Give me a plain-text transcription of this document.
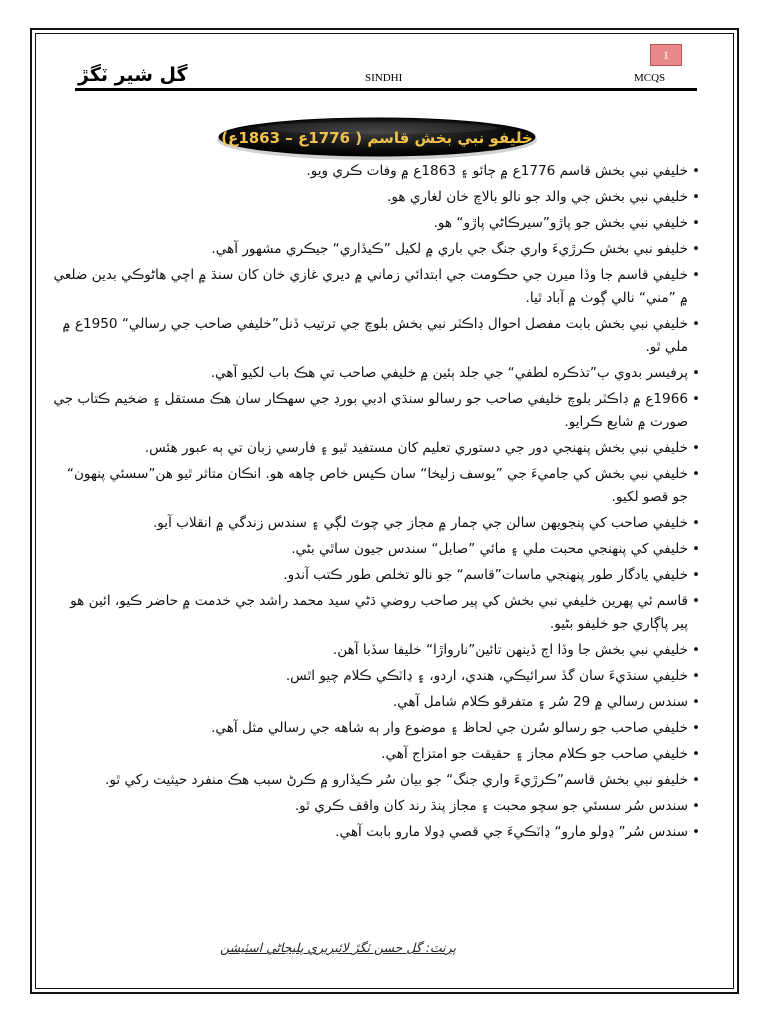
1
گل شير ٽگڙ	SINDHI	MCQS
خليفو نبي بخش قاسم ( 1776ع – 1863ع)
• خليفي نبي بخش قاسم 1776ع ۾ ڄائو ۽ 1863ع ۾ وفات ڪري ويو.
• خليفي نبي بخش جي والد جو نالو بالاچ خان لغاري هو.
• خليفي نبي بخش جو پاڙو”سيرڪاڻي پاڙو“ هو.
• خليفو نبي بخش ڪرڙيءَ واري جنگ جي باري ۾ لکيل ”ڪيڏاري“ جيڪري مشهور آهي.
• خليفي قاسم جا وڏا ميرن جي حڪومت جي ابتدائي زماني ۾ ديري غازي خان کان سنڌ ۾ اچي هاڻوڪي بدين ضلعي ۾ ”مني“ نالي ڳوٺ ۾ آباد ٿيا.
• خليفي نبي بخش بابت مفصل احوال ڊاڪٽر نبي بخش بلوچ جي ترتيب ڏنل”خليفي صاحب جي رسالي“ 1950ع ۾ ملي ٿو.
• پرفيسر بدوي ٻ”تذڪره لطفي“ جي جلد ٻئين ۾ خليفي صاحب تي هڪ باب لکيو آهي.
• 1966ع ۾ ڊاڪٽر بلوچ خليفي صاحب جو رسالو سنڌي ادبي بورڊ جي سهڪار سان هڪ مستقل ۽ ضخيم ڪتاب جي صورت ۾ شايع ڪرايو.
• خليفي نبي بخش پنهنجي دور جي دستوري تعليم کان مستفيد ٿيو ۽ فارسي زبان تي ٻه عبور هئس.
• خليفي نبي بخش کي جاميءَ جي ”يوسف زليخا“ سان ڪيس خاص چاهه هو. انڪان متاثر ٿيو هن”سسئي پنهون“ جو قصو لکيو.
• خليفي صاحب کي پنجويهن سالن جي ڄمار ۾ مجاز جي چوٽ لڳي ۽ سندس زندگي ۾ انقلاب آيو.
• خليفي کي پنهنجي محبت ملي ۽ مائي ”صابل“ سندس جيون ساٿي بڻي.
• خليفي يادگار طور پنهنجي ماسات”قاسم“ جو نالو تخلص طور ڪتب آندو.
• قاسم ئي پهرين خليفي نبي بخش کي پير صاحب روضي ڌڻي سيد محمد راشد جي خدمت ۾ حاضر ڪيو، ائين هو پير پاڳاري جو خليفو بڻيو.
• خليفي نبي بخش جا وڏا اڄ ڏينهن تائين”نارواڙا“ خليفا سڏبا آهن.
• خليفي سنڌيءَ سان گڏ سرائيڪي، هندي، اردو، ۽ ڍاٽڪي ڪلام چيو اٿس.
• سندس رسالي ۾ 29 سُر ۽ متفرقو ڪلام شامل آهي.
• خليفي صاحب جو رسالو سُرن جي لحاظ ۽ موضوع وار ٻه شاهه جي رسالي مثل آهي.
• خليفي صاحب جو ڪلام مجاز ۽ حقيقت جو امتزاج آهي.
• خليفو نبي بخش قاسم”ڪرڙيءَ واري جنگ“ جو بيان سُر ڪيڏارو ۾ ڪرڻ سبب هڪ منفرد حيثيت رکي ٿو.
• سندس سُر سسئي جو سچو محبت ۽ مجاز پنڌ رند کان واقف ڪري ٿو.
• سندس سُر” ڍولو مارو“ ڍاٽڪيءَ جي قصي ڍولا مارو بابت آهي.
پرنٽ: گل حسن ٽگڙ لائبريري پليجاڻي اسٽيشن
